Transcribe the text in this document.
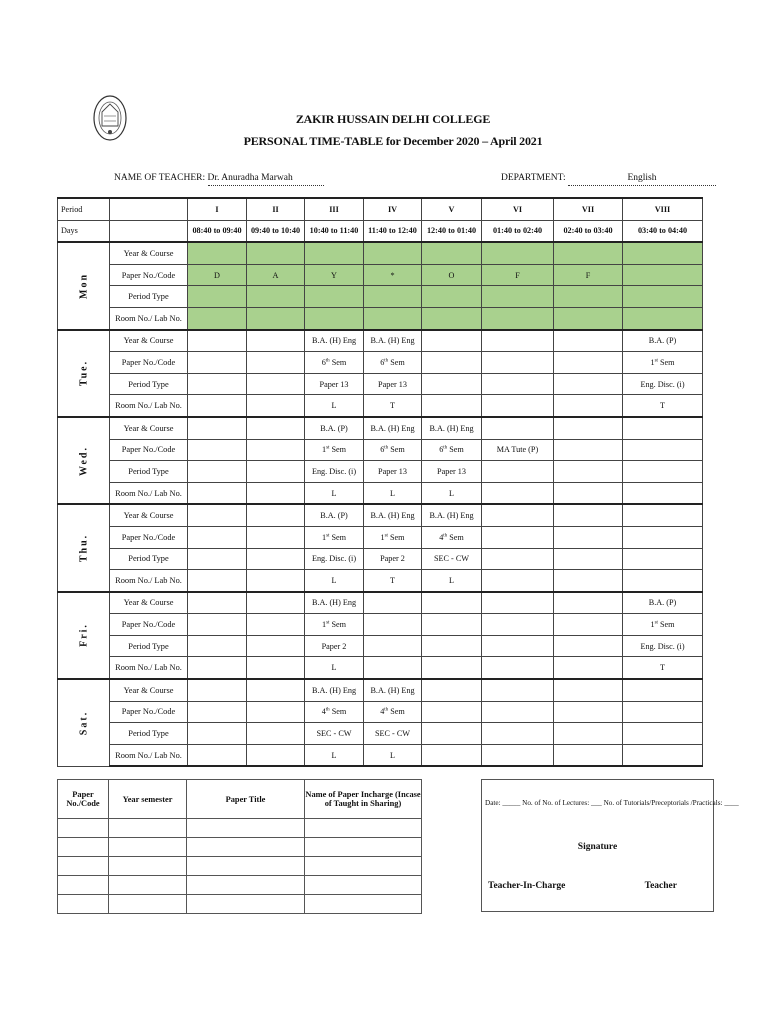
ZAKIR HUSSAIN DELHI COLLEGE
PERSONAL TIME-TABLE for December 2020 – April 2021
NAME OF TEACHER: Dr. Anuradha Marwah	DEPARTMENT:	English
Period		I	II	III	IV	V	VI	VII	VIII
Days		08:40 to 09:40	09:40 to 10:40	10:40 to 11:40	11:40 to 12:40	12:40 to 01:40	01:40 to 02:40	02:40 to 03:40	03:40 to 04:40

Mon	Year & Course								
	Paper No./Code	D	A	Y	*	O	F	F	
	Period Type								
	Room No./ Lab No.								

Tue.	Year & Course			B.A. (H) Eng	B.A. (H) Eng				B.A. (P)
	Paper No./Code			6th Sem	6th Sem				1st Sem
	Period Type			Paper 13	Paper 13				Eng. Disc. (i)
	Room No./ Lab No.			L	T				T

Wed.	Year & Course			B.A. (P)	B.A. (H) Eng	B.A. (H) Eng			
	Paper No./Code			1st Sem	6th Sem	6th Sem	MA Tute (P)		
	Period Type			Eng. Disc. (i)	Paper 13	Paper 13			
	Room No./ Lab No.			L	L	L			

Thu.	Year & Course			B.A. (P)	B.A. (H) Eng	B.A. (H) Eng			
	Paper No./Code			1st Sem	1st Sem	4th Sem			
	Period Type			Eng. Disc. (i)	Paper 2	SEC - CW			
	Room No./ Lab No.			L	T	L			

Fri.	Year & Course			B.A. (H) Eng					B.A. (P)
	Paper No./Code			1st Sem					1st Sem
	Period Type			Paper 2					Eng. Disc. (i)
	Room No./ Lab No.			L					T

Sat.	Year & Course			B.A. (H) Eng	B.A. (H) Eng				
	Paper No./Code			4th Sem	4th Sem				
	Period Type			SEC - CW	SEC - CW				
	Room No./ Lab No.			L	L				
Paper No./Code	Year semester	Paper Title	Name of Paper Incharge (Incase of Taught in Sharing)

				Date: _____ No. of No. of Lectures: ___ No. of Tutorials/Preceptorials /Practicals: ____
Signature
Teacher-In-Charge	Teacher
